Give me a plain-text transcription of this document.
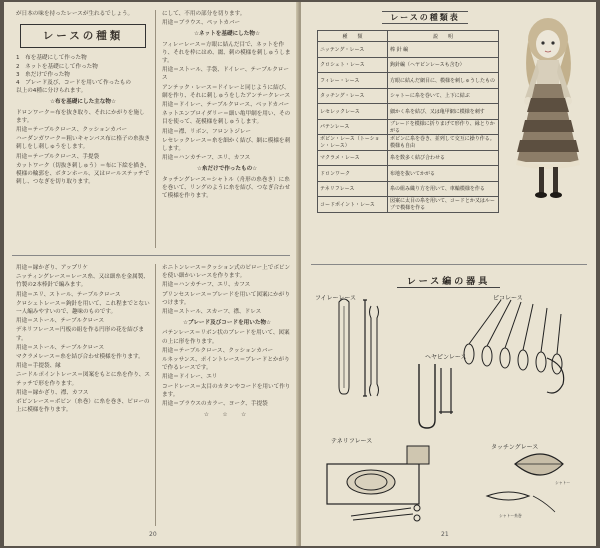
が日本の味を持ったレースが生れるでしょう。

レースの種類
1　布を基礎にして作った物
2　ネットを基礎にして作った物
3　糸だけで作った物
4　ブレード及び、コードを用いて作ったもの

以上の4種に分けられます。

☆布を基礎にした主な物☆

ドロンワーク＝布を抜き取り、それにかがりを施します。

用途＝テーブルクロース、クッションカバー

ハーダンガワーク＝粗いキャンバス布に格子の糸抜き刺しをし刺しゅうをします。

用途＝テーブルクロース、手提袋

カットワーク（切抜き刺しゅう）＝布に下絵を描き、模様の輪郭を、ボタンホール、又はロールステッチで刺し、つなぎを切り取ります。

にして、不用の部分を切ります。

用途＝ブラウス、ペットカバー

☆ネットを基礎にした物☆

フィレーレース＝方眼に結んだ目で、ネットを作り、それを枠にはめ、綴、刺の模様を刺しゅうします。

用途＝ストール、手袋、ドイレー、テーブルクロース

アンテック・レース＝ドイレーと同じように結び、網を作り、それに刺しゅうをしたアンテークレース

用途＝ドイレー、テーブルクロース、ベッドカバー

ネットエンブロイダリー＝細い亀甲網を用い、その目を使って、花模様を刺しゅうします。

用途＝襟、リボン、フロントジレー

レセレックレース＝糸を細かく結び、網に模様を刺します。

用途＝ハンカチーフ、エリ、カフス

☆糸だけで作ったもの☆

タッチングレース＝シャトル（舟形の糸巻き）に糸を巻いて、リングのように糸を結び、つなぎ合わせて模様を作ります。

用途＝縁かざり、アップリケ

ニッティングレース＝レース糸、又は細糸を金属製、竹製の2本棒針で編みます。

用途＝エリ、ストール、テーブルクロース

クロシェトレース＝鉤針を用いて、これ程までとない一人編みやすいので、趣味のものです。

用途＝ストール、テーブルクロース

デネリフレース＝円板の組を作る円形の花を結びます。

用途＝ストール、テーブルクロース

マクラメレース＝糸を結び合わせ模様を作ります。

用途＝手提袋、縁

ニードルポイントレース＝図案をもとに糸を作り、ステッチで形を作ります。

用途＝縁かざり、襟、カフス

ボビンレース＝ボビン（糸巻）に糸を巻き、ピローの上に模様を作ります。

ホニトンレース＝クッション式のピロー上でボビンを使い細かいレースを作ります。

用途＝ハンカチーフ、エリ、カフス

プリンセスレース＝ブレードを用いて図案にかがりつけます。

用途＝ストール、スカーフ、襟、ドレス

☆ブレード及びコードを用いた物☆

パテンレース＝リボン状のブレードを用いて、図案の上に形を作ります。

用途＝テーブルクロース、クッションカバー

ルネッサンス、ポイントレース＝ブレードとかがりで作るレースです。

用途＝ドイレー、エリ

コードレース＝太目のカタンやコードを用いて作ります。

用途＝ブラウスのカラー、ヨーク、手提袋

☆　☆　☆
20
レースの種類表
種　　類	説　　明
ニッテング・レース	棒 針 編
クロシェト・レース	鉤針編（ヘヤピンレースも含む）
フィレー・レース	方眼に結んだ網目に、模様を刺しゅうしたもの
タッチング・レース	シャトーに糸を巻いて、上下に結ぶ
レセレックレース	細かく糸を結び、又は亀甲網に模様を刺す
パテンレース	ブレードを模様に折りまげて形作り、縁とりかがる
ボビン・レース（トーション・レース）	ボビンに糸を巻き、並列して交互に操り作る。模様も自由
マクラメ・レース	糸を数多く結び合わせる
ドロンワーク	布地を抜いてかがる
テネリフレース	糸の組み織り方を用いて、車輪模様を作る
コードポイント・レース	図案に太目の糸を用いて、コードとか又はループで模様を作る
レース編の器具
フイレーレース	ピコレース
ヘヤピンレース
テネリフレース
タッチングレース
シャトー
シャトー糸巻
21
